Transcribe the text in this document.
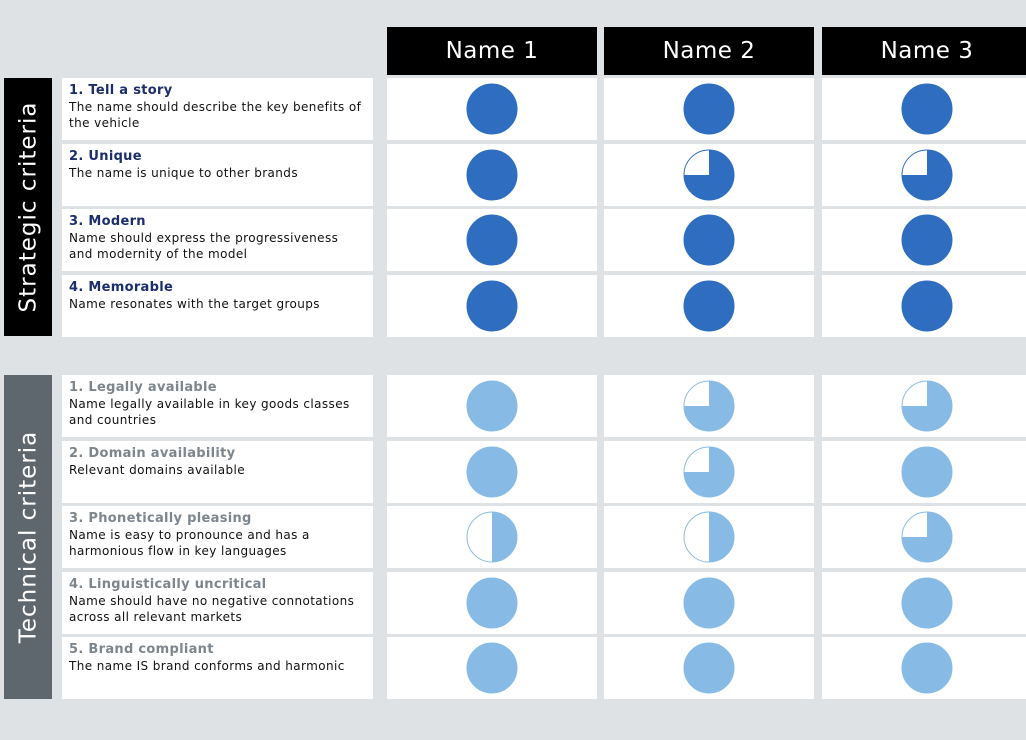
Name 1	Name 2	Name 3
Strategic criteria
Technical criteria
1. Tell a story
The name should describe the key benefits of the vehicle
2. Unique
The name is unique to other brands
3. Modern
Name should express the progressiveness and modernity of the model
4. Memorable
Name resonates with the target groups
1. Legally available
Name legally available in key goods classes and countries
2. Domain availability
Relevant domains available
3. Phonetically pleasing
Name is easy to pronounce and has a harmonious flow in key languages
4. Linguistically uncritical
Name should have no negative connotations across all relevant markets
5. Brand compliant
The name IS brand conforms and harmonic
